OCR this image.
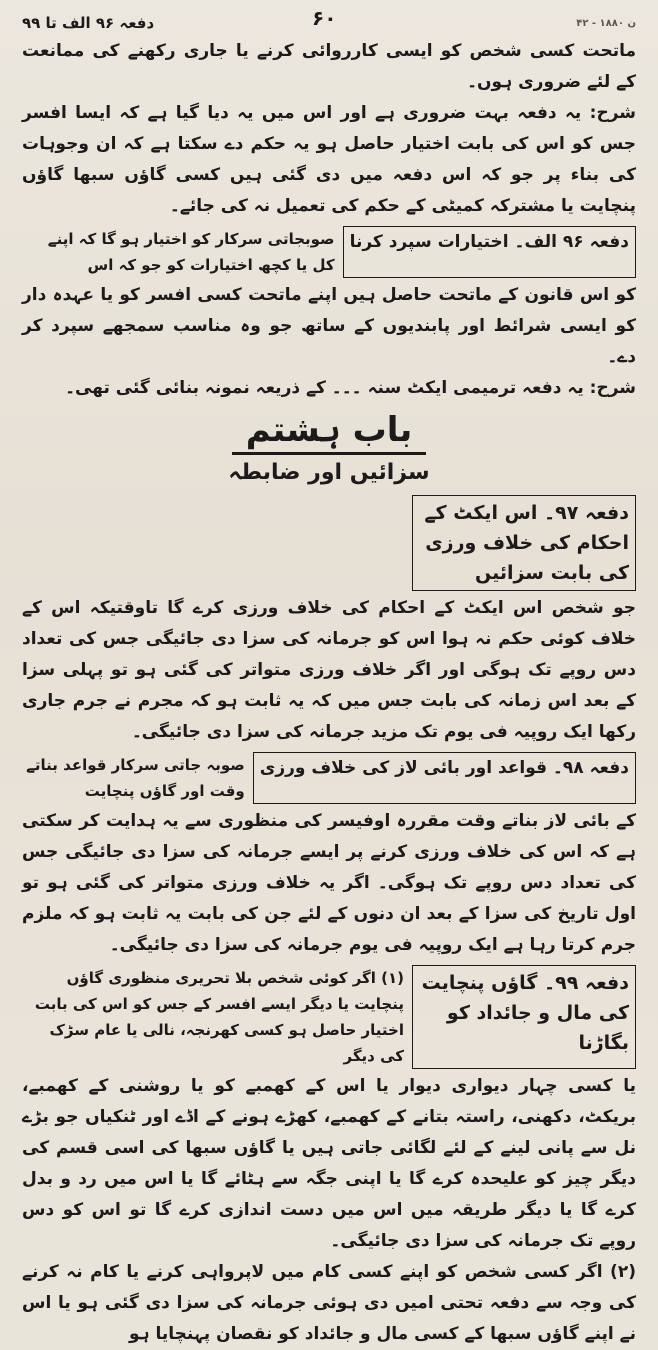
دفعہ ۹۶ الف تا ۹۹	۶۰	۴۲ - ۱۸۸۰ ن

ماتحت کسی شخص کو ایسی کارروائی کرنے یا جاری رکھنے کی ممانعت کے لئے ضروری ہوں۔

شرح: یہ دفعہ بہت ضروری ہے اور اس میں یہ دیا گیا ہے کہ ایسا افسر جس کو اس کی بابت اختیار حاصل ہو یہ حکم دے سکتا ہے کہ ان وجوہات کی بناء پر جو کہ اس دفعہ میں دی گئی ہیں کسی گاؤں سبھا گاؤں پنچایت یا مشترکہ کمیٹی کے حکم کی تعمیل نہ کی جائے۔

دفعہ ۹۶ الف۔ اختیارات سپرد کرنا
صوبجاتی سرکار کو اختیار ہو گا کہ اپنے کل یا کچھ اختیارات کو جو کہ اس

کو اس قانون کے ماتحت حاصل ہیں اپنے ماتحت کسی افسر کو یا عہدہ دار کو ایسی شرائط اور پابندیوں کے ساتھ جو وہ مناسب سمجھے سپرد کر دے۔

شرح: یہ دفعہ ترمیمی ایکٹ سنہ ۔۔۔ کے ذریعہ نمونہ بنائی گئی تھی۔

باب ہشتم
سزائیں اور ضابطہ
دفعہ ۹۷۔ اس ایکٹ کے احکام کی خلاف ورزی کی بابت سزائیں

جو شخص اس ایکٹ کے احکام کی خلاف ورزی کرے گا تاوقتیکہ اس کے خلاف کوئی حکم نہ ہوا اس کو جرمانہ کی سزا دی جائیگی جس کی تعداد دس روپے تک ہوگی اور اگر خلاف ورزی متواتر کی گئی ہو تو پہلی سزا کے بعد اس زمانہ کی بابت جس میں کہ یہ ثابت ہو کہ مجرم نے جرم جاری رکھا ایک روپیہ فی یوم تک مزید جرمانہ کی سزا دی جائیگی۔

دفعہ ۹۸۔ قواعد اور بائی لاز کی خلاف ورزی
صوبہ جاتی سرکار قواعد بناتے وقت اور گاؤں پنچایت

کے بائی لاز بناتے وقت مقررہ اوفیسر کی منظوری سے یہ ہدایت کر سکتی ہے کہ اس کی خلاف ورزی کرنے پر ایسے جرمانہ کی سزا دی جائیگی جس کی تعداد دس روپے تک ہوگی۔ اگر یہ خلاف ورزی متواتر کی گئی ہو تو اول تاریخ کی سزا کے بعد ان دنوں کے لئے جن کی بابت یہ ثابت ہو کہ ملزم جرم کرتا رہا ہے ایک روپیہ فی یوم جرمانہ کی سزا دی جائیگی۔

دفعہ ۹۹۔ گاؤں پنچایت کی مال و جائداد کو بگاڑنا
(۱) اگر کوئی شخص بلا تحریری منظوری گاؤں پنچایت یا دیگر ایسے افسر کے جس کو اس کی بابت اختیار حاصل ہو کسی کھرنجہ، نالی یا عام سڑک کی دیگر

یا کسی چہار دیواری دیوار یا اس کے کھمبے کو یا روشنی کے کھمبے، بریکٹ، دکھنی، راستہ بتانے کے کھمبے، کھڑے ہونے کے اڈے اور ٹنکیاں جو بڑے نل سے پانی لینے کے لئے لگائی جاتی ہیں یا گاؤں سبھا کی اسی قسم کی دیگر چیز کو علیحدہ کرے گا یا اپنی جگہ سے ہٹائے گا یا اس میں رد و بدل کرے گا یا دیگر طریقہ میں اس میں دست اندازی کرے گا تو اس کو دس روپے تک جرمانہ کی سزا دی جائیگی۔

(۲) اگر کسی شخص کو اپنے کسی کام میں لاپرواہی کرنے یا کام نہ کرنے کی وجہ سے دفعہ تحتی امیں دی ہوئی جرمانہ کی سزا دی گئی ہو یا اس نے اپنے گاؤں سبھا کے کسی مال و جائداد کو نقصان پہنچایا ہو
